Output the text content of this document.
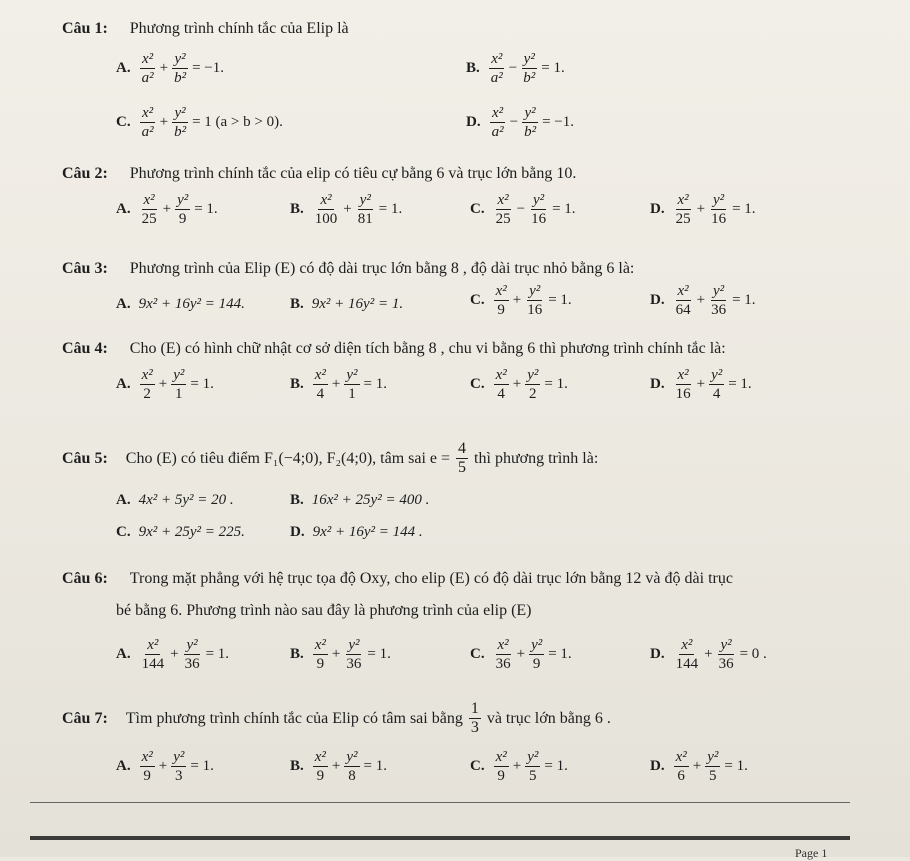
Câu 1: Phương trình chính tắc của Elip là
A. $\frac{\text{x²}}{\text{a²}} + \frac{\text{y²}}{\text{b²}} = -1$.	B. $\frac{\text{x²}}{\text{a²}} - \frac{\text{y²}}{\text{b²}} = 1$.
C. $\frac{\text{x²}}{\text{a²}} + \frac{\text{y²}}{\text{b²}} = 1$ (a > b > 0).	D. $\frac{\text{x²}}{\text{a²}} - \frac{\text{y²}}{\text{b²}} = -1$.
Câu 2: Phương trình chính tắc của elip có tiêu cự bằng 6 và trục lớn bằng 10.
A. $\frac{\text{x²}}{25} + \frac{\text{y²}}{9} = 1$.	B. $\frac{\text{x²}}{100} + \frac{\text{y²}}{81} = 1$.	C. $\frac{\text{x²}}{25} - \frac{\text{y²}}{16} = 1$.	D. $\frac{\text{x²}}{25} + \frac{\text{y²}}{16} = 1$.
Câu 3: Phương trình của Elip (E) có độ dài trục lớn bằng 8 , độ dài trục nhỏ bằng 6 là:
A. 9x² + 16y² = 144.	B. 9x² + 16y² = 1.	C. $\frac{\text{x²}}{9} + \frac{\text{y²}}{16} = 1$.	D. $\frac{\text{x²}}{64} + \frac{\text{y²}}{36} = 1$.
Câu 4: Cho (E) có hình chữ nhật cơ sở diện tích bằng 8 , chu vi bằng 6 thì phương trình chính tắc là:
A. $\frac{\text{x²}}{2} + \frac{\text{y²}}{1} = 1$.	B. $\frac{\text{x²}}{4} + \frac{\text{y²}}{1} = 1$.	C. $\frac{\text{x²}}{4} + \frac{\text{y²}}{2} = 1$.	D. $\frac{\text{x²}}{16} + \frac{\text{y²}}{4} = 1$.
Câu 5: Cho (E) có tiêu điểm F₁(−4;0), F₂(4;0), tâm sai $e = \frac{4}{5}$ thì phương trình là:
A. 4x² + 5y² = 20 .	B. 16x² + 25y² = 400 .
C. 9x² + 25y² = 225.	D. 9x² + 16y² = 144 .
Câu 6: Trong mặt phẳng với hệ trục tọa độ Oxy, cho elip (E) có độ dài trục lớn bằng 12 và độ dài trục
bé bằng 6. Phương trình nào sau đây là phương trình của elip (E)
A. $\frac{\text{x²}}{144} + \frac{\text{y²}}{36} = 1$.	B. $\frac{\text{x²}}{9} + \frac{\text{y²}}{36} = 1$.	C. $\frac{\text{x²}}{36} + \frac{\text{y²}}{9} = 1$.	D. $\frac{\text{x²}}{144} + \frac{\text{y²}}{36} = 0$ .
Câu 7: Tìm phương trình chính tắc của Elip có tâm sai bằng $\frac{1}{3}$ và trục lớn bằng 6 .
A. $\frac{\text{x²}}{9} + \frac{\text{y²}}{3} = 1$.	B. $\frac{\text{x²}}{9} + \frac{\text{y²}}{8} = 1$.	C. $\frac{\text{x²}}{9} + \frac{\text{y²}}{5} = 1$.	D. $\frac{\text{x²}}{6} + \frac{\text{y²}}{5} = 1$.
Page 1
